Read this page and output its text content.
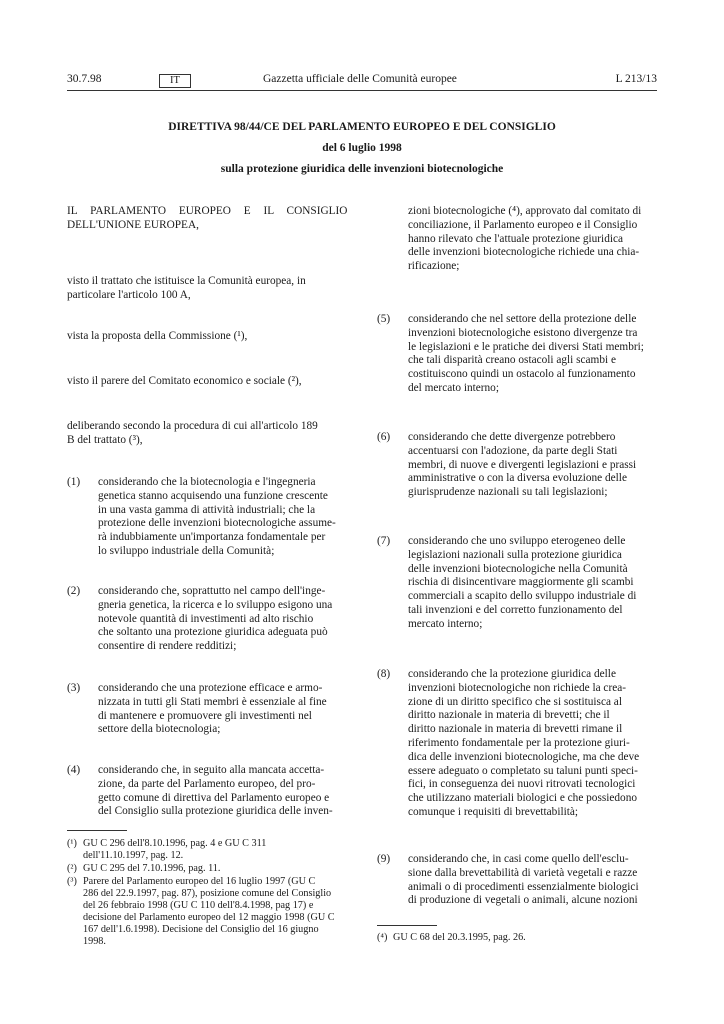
30.7.98	IT	Gazzetta ufficiale delle Comunità europee	L 213/13
DIRETTIVA 98/44/CE DEL PARLAMENTO EUROPEO E DEL CONSIGLIO
del 6 luglio 1998
sulla protezione giuridica delle invenzioni biotecnologiche
IL PARLAMENTO EUROPEO E IL CONSIGLIO
DELL'UNIONE EUROPEA,
visto il trattato che istituisce la Comunità europea, in
particolare l'articolo 100 A,
vista la proposta della Commissione (¹),
visto il parere del Comitato economico e sociale (²),
deliberando secondo la procedura di cui all'articolo 189
B del trattato (³),
(1) considerando che la biotecnologia e l'ingegneria
genetica stanno acquisendo una funzione crescente
in una vasta gamma di attività industriali; che la
protezione delle invenzioni biotecnologiche assume-
rà indubbiamente un'importanza fondamentale per
lo sviluppo industriale della Comunità;
(2) considerando che, soprattutto nel campo dell'inge-
gneria genetica, la ricerca e lo sviluppo esigono una
notevole quantità di investimenti ad alto rischio
che soltanto una protezione giuridica adeguata può
consentire di rendere redditizi;
(3) considerando che una protezione efficace e armo-
nizzata in tutti gli Stati membri è essenziale al fine
di mantenere e promuovere gli investimenti nel
settore della biotecnologia;
(4) considerando che, in seguito alla mancata accetta-
zione, da parte del Parlamento europeo, del pro-
getto comune di direttiva del Parlamento europeo e
del Consiglio sulla protezione giuridica delle inven-
(¹) GU C 296 dell'8.10.1996, pag. 4 e GU C 311
dell'11.10.1997, pag. 12.
(²) GU C 295 del 7.10.1996, pag. 11.
(³) Parere del Parlamento europeo del 16 luglio 1997 (GU C
286 del 22.9.1997, pag. 87), posizione comune del Consiglio
del 26 febbraio 1998 (GU C 110 dell'8.4.1998, pag 17) e
decisione del Parlamento europeo del 12 maggio 1998 (GU C
167 dell'1.6.1998). Decisione del Consiglio del 16 giugno
1998.
zioni biotecnologiche (⁴), approvato dal comitato di
conciliazione, il Parlamento europeo e il Consiglio
hanno rilevato che l'attuale protezione giuridica
delle invenzioni biotecnologiche richiede una chia-
rificazione;
(5) considerando che nel settore della protezione delle
invenzioni biotecnologiche esistono divergenze tra
le legislazioni e le pratiche dei diversi Stati membri;
che tali disparità creano ostacoli agli scambi e
costituiscono quindi un ostacolo al funzionamento
del mercato interno;
(6) considerando che dette divergenze potrebbero
accentuarsi con l'adozione, da parte degli Stati
membri, di nuove e divergenti legislazioni e prassi
amministrative o con la diversa evoluzione delle
giurisprudenze nazionali su tali legislazioni;
(7) considerando che uno sviluppo eterogeneo delle
legislazioni nazionali sulla protezione giuridica
delle invenzioni biotecnologiche nella Comunità
rischia di disincentivare maggiormente gli scambi
commerciali a scapito dello sviluppo industriale di
tali invenzioni e del corretto funzionamento del
mercato interno;
(8) considerando che la protezione giuridica delle
invenzioni biotecnologiche non richiede la crea-
zione di un diritto specifico che si sostituisca al
diritto nazionale in materia di brevetti; che il
diritto nazionale in materia di brevetti rimane il
riferimento fondamentale per la protezione giuri-
dica delle invenzioni biotecnologiche, ma che deve
essere adeguato o completato su taluni punti speci-
fici, in conseguenza dei nuovi ritrovati tecnologici
che utilizzano materiali biologici e che possiedono
comunque i requisiti di brevettabilità;
(9) considerando che, in casi come quello dell'esclu-
sione dalla brevettabilità di varietà vegetali e razze
animali o di procedimenti essenzialmente biologici
di produzione di vegetali o animali, alcune nozioni
(⁴) GU C 68 del 20.3.1995, pag. 26.
